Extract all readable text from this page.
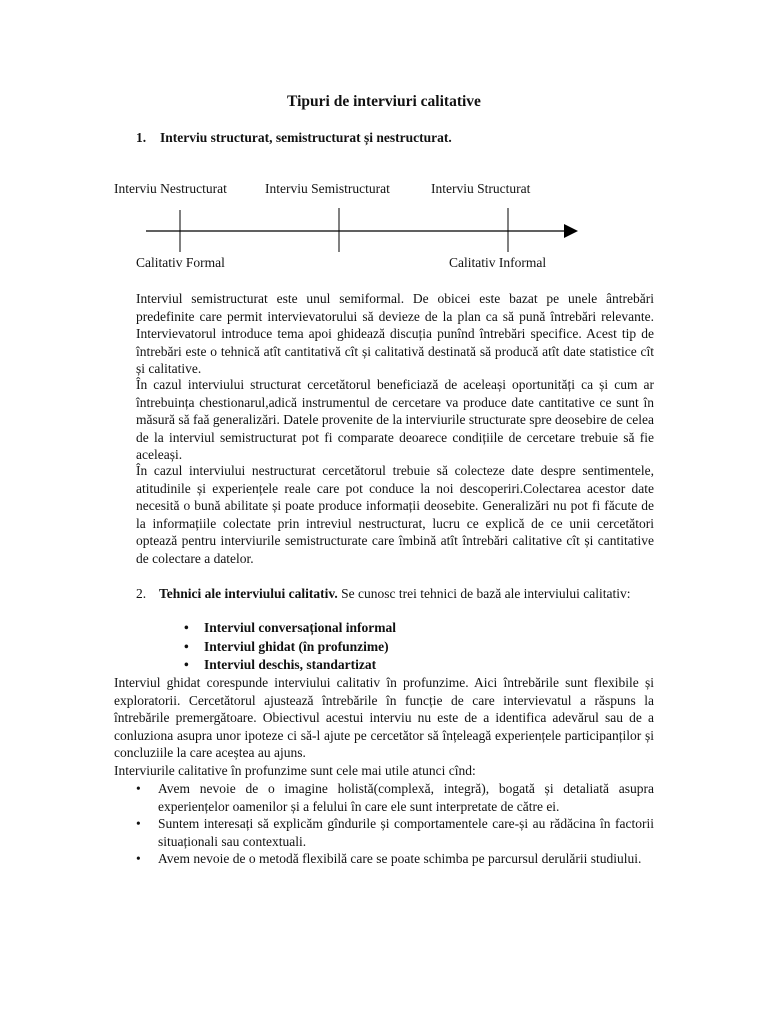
Tipuri de interviuri calitative
1. Interviu structurat, semistructurat și nestructurat.
Interviu Nestructurat	Interviu Semistructurat	Interviu Structurat
Calitativ Formal	Calitativ Informal
Interviul semistructurat este unul semiformal. De obicei este bazat pe unele ântrebări predefinite care permit intervievatorului să devieze de la plan ca să pună întrebări relevante. Intervievatorul introduce tema apoi ghidează discuția punînd întrebări specifice. Acest tip de întrebări este o tehnică atît cantitativă cît și calitativă destinată să producă atît date statistice cît și calitative.
În cazul interviului structurat cercetătorul beneficiază de aceleași oportunități ca și cum ar întrebuința chestionarul,adică instrumentul de cercetare va produce date cantitative ce sunt în măsură să faă generalizări. Datele provenite de la interviurile structurate spre deosebire de celea de la interviul semistructurat pot fi comparate deoarece condițiile de cercetare trebuie să fie aceleași.
În cazul interviului nestructurat cercetătorul trebuie să colecteze date despre sentimentele, atitudinile și experiențele reale care pot conduce la noi descoperiri.Colectarea acestor date necesită o bună abilitate și poate produce informații deosebite. Generalizări nu pot fi făcute de la informațiile colectate prin intreviul nestructurat, lucru ce explică de ce unii cercetători optează pentru interviurile semistructurate care îmbină atît întrebări calitative cît și cantitative de colectare a datelor.
2. Tehnici ale interviului calitativ. Se cunosc trei tehnici de bază ale interviului calitativ:
• Interviul conversațional informal
• Interviul ghidat (în profunzime)
• Interviul deschis, standartizat
Interviul ghidat corespunde interviului calitativ în profunzime. Aici întrebările sunt flexibile și exploratorii. Cercetătorul ajustează întrebările în funcție de care intervievatul a răspuns la întrebările premergătoare. Obiectivul acestui interviu nu este de a identifica adevărul sau de a conluziona asupra unor ipoteze ci să-l ajute pe cercetător să înțeleagă experiențele participanților și concluziile la care aceștea au ajuns.
Interviurile calitative în profunzime sunt cele mai utile atunci cînd:
• Avem nevoie de o imagine holistă(complexă, integră), bogată și detaliată asupra experiențelor oamenilor și a felului în care ele sunt interpretate de către ei.
• Suntem interesați să explicăm gîndurile și comportamentele care-și au rădăcina în factorii situaționali sau contextuali.
• Avem nevoie de o metodă flexibilă care se poate schimba pe parcursul derulării studiului.
